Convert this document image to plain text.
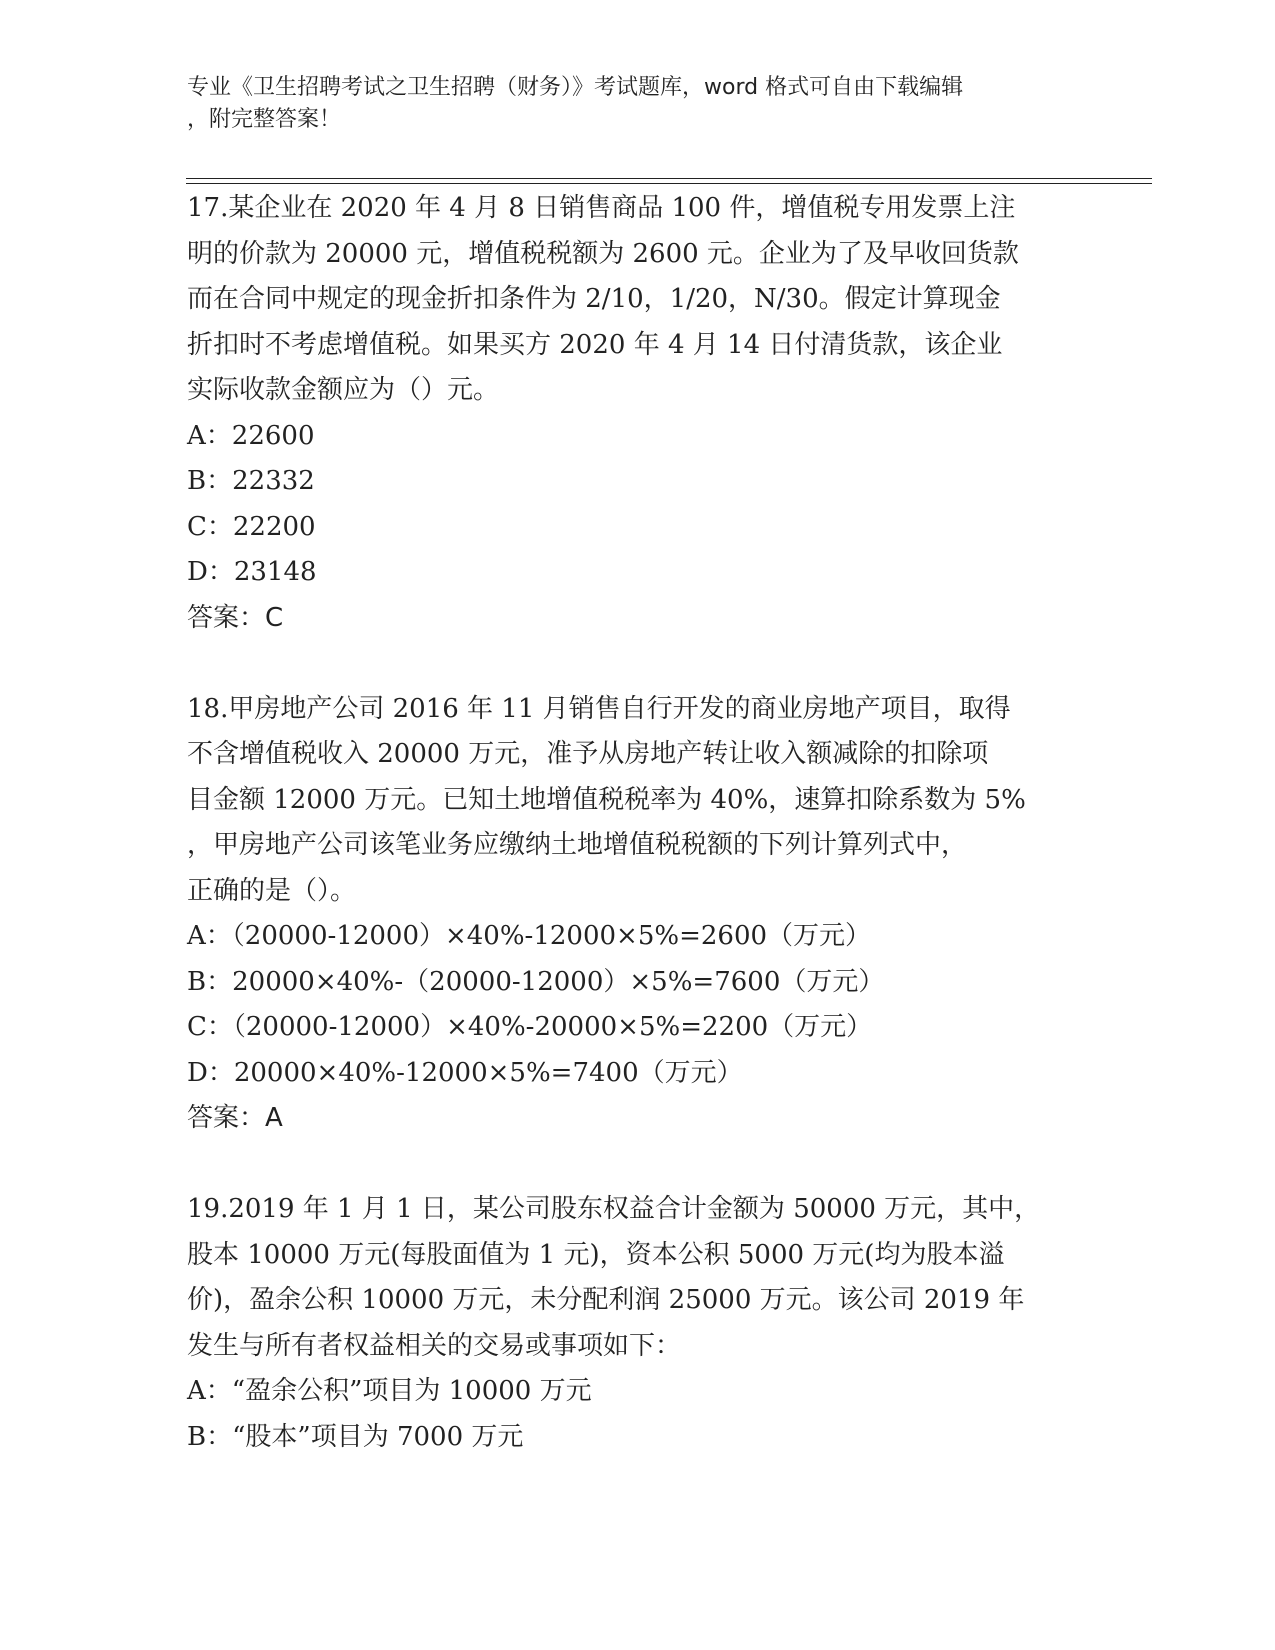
专业《卫生招聘考试之卫生招聘（财务）》考试题库，word 格式可自由下载编辑
，附完整答案！
17.某企业在 2020 年 4 月 8 日销售商品 100 件，增值税专用发票上注
明的价款为 20000 元，增值税税额为 2600 元。企业为了及早收回货款
而在合同中规定的现金折扣条件为 2/10，1/20，N/30。假定计算现金
折扣时不考虑增值税。如果买方 2020 年 4 月 14 日付清货款，该企业
实际收款金额应为（）元。
A：22600
B：22332
C：22200
D：23148
答案：C
18.甲房地产公司 2016 年 11 月销售自行开发的商业房地产项目，取得
不含增值税收入 20000 万元，准予从房地产转让收入额减除的扣除项
目金额 12000 万元。已知土地增值税税率为 40%，速算扣除系数为 5%
，甲房地产公司该笔业务应缴纳土地增值税税额的下列计算列式中，
正确的是（）。
A：（20000-12000）×40%-12000×5%=2600（万元）
B：20000×40%-（20000-12000）×5%=7600（万元）
C：（20000-12000）×40%-20000×5%=2200（万元）
D：20000×40%-12000×5%=7400（万元）
答案：A
19.2019 年 1 月 1 日，某公司股东权益合计金额为 50000 万元，其中，
股本 10000 万元(每股面值为 1 元)，资本公积 5000 万元(均为股本溢
价)，盈余公积 10000 万元，未分配利润 25000 万元。该公司 2019 年
发生与所有者权益相关的交易或事项如下：
A：“盈余公积”项目为 10000 万元
B：“股本”项目为 7000 万元
